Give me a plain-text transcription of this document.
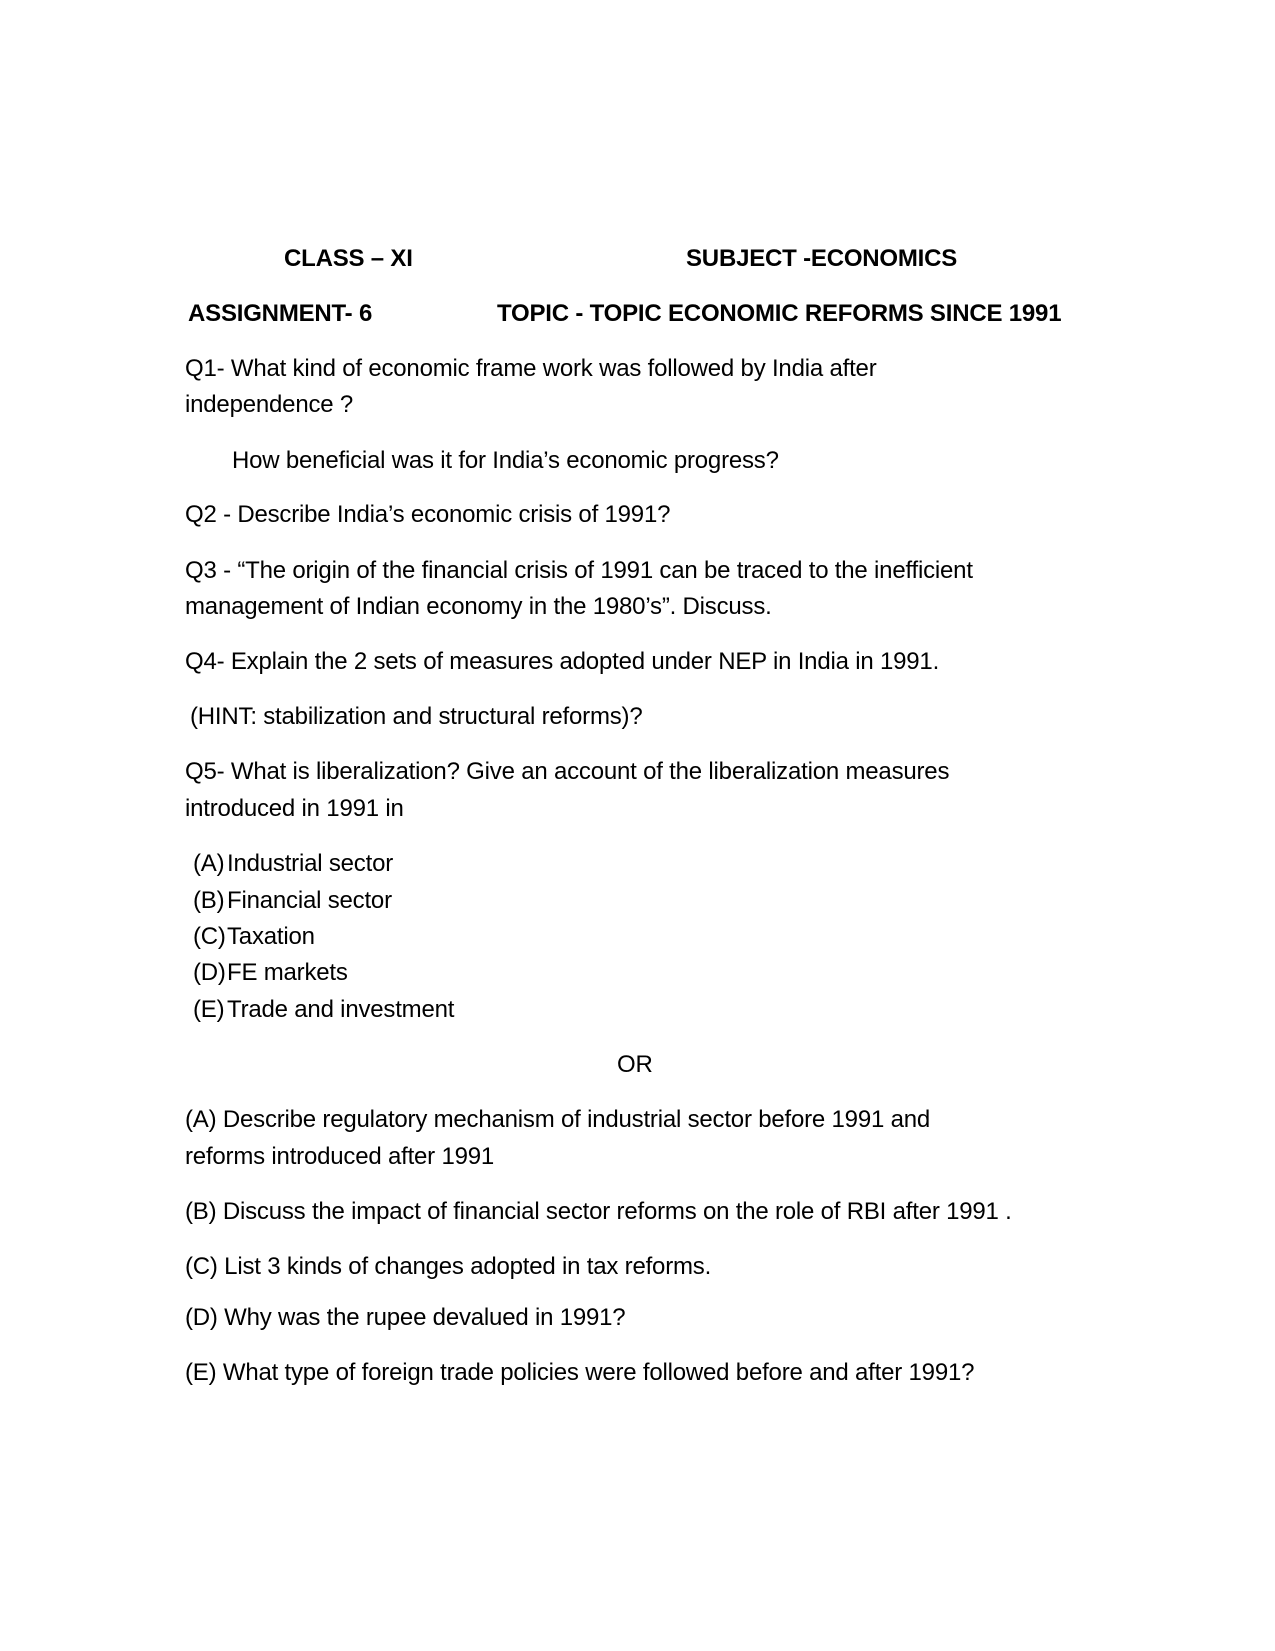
CLASS – XI	SUBJECT -ECONOMICS
ASSIGNMENT- 6	TOPIC - TOPIC ECONOMIC REFORMS SINCE 1991
Q1- What kind of economic frame work was followed by India after
independence ?
How beneficial was it for India’s economic progress?
Q2 - Describe India’s economic crisis of 1991?
Q3 - “The origin of the financial crisis of 1991 can be traced to the inefficient
management of Indian economy in the 1980’s”. Discuss.
Q4- Explain the 2 sets of measures adopted under NEP in India in 1991.
(HINT: stabilization and structural reforms)?
Q5- What is liberalization? Give an account of the liberalization measures
introduced in 1991 in
(A) Industrial sector
(B) Financial sector
(C)Taxation
(D)FE markets
(E) Trade and investment
OR
(A) Describe regulatory mechanism of industrial sector before 1991 and
reforms introduced after 1991
(B) Discuss the impact of financial sector reforms on the role of RBI after 1991 .
(C) List 3 kinds of changes adopted in tax reforms.
(D) Why was the rupee devalued in 1991?
(E) What type of foreign trade policies were followed before and after 1991?
